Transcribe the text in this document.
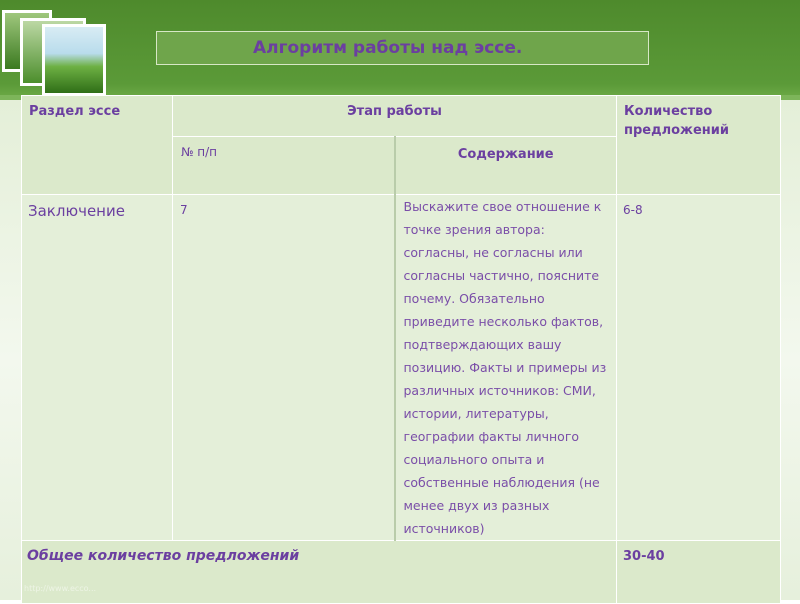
Алгоритм работы над эссе.
Раздел эссе	Этап работы		Количество предложений
	№ п/п	Содержание	
Заключение	7	Выскажите свое отношение к точке зрения автора: согласны, не согласны или согласны частично, поясните почему. Обязательно приведите несколько фактов, подтверждающих вашу позицию. Факты и примеры из различных источников: СМИ, истории, литературы, географии факты личного социального опыта и собственные наблюдения (не менее двух из разных источников)	6-8
Общее количество предложений			30-40
http://www.ecco...
